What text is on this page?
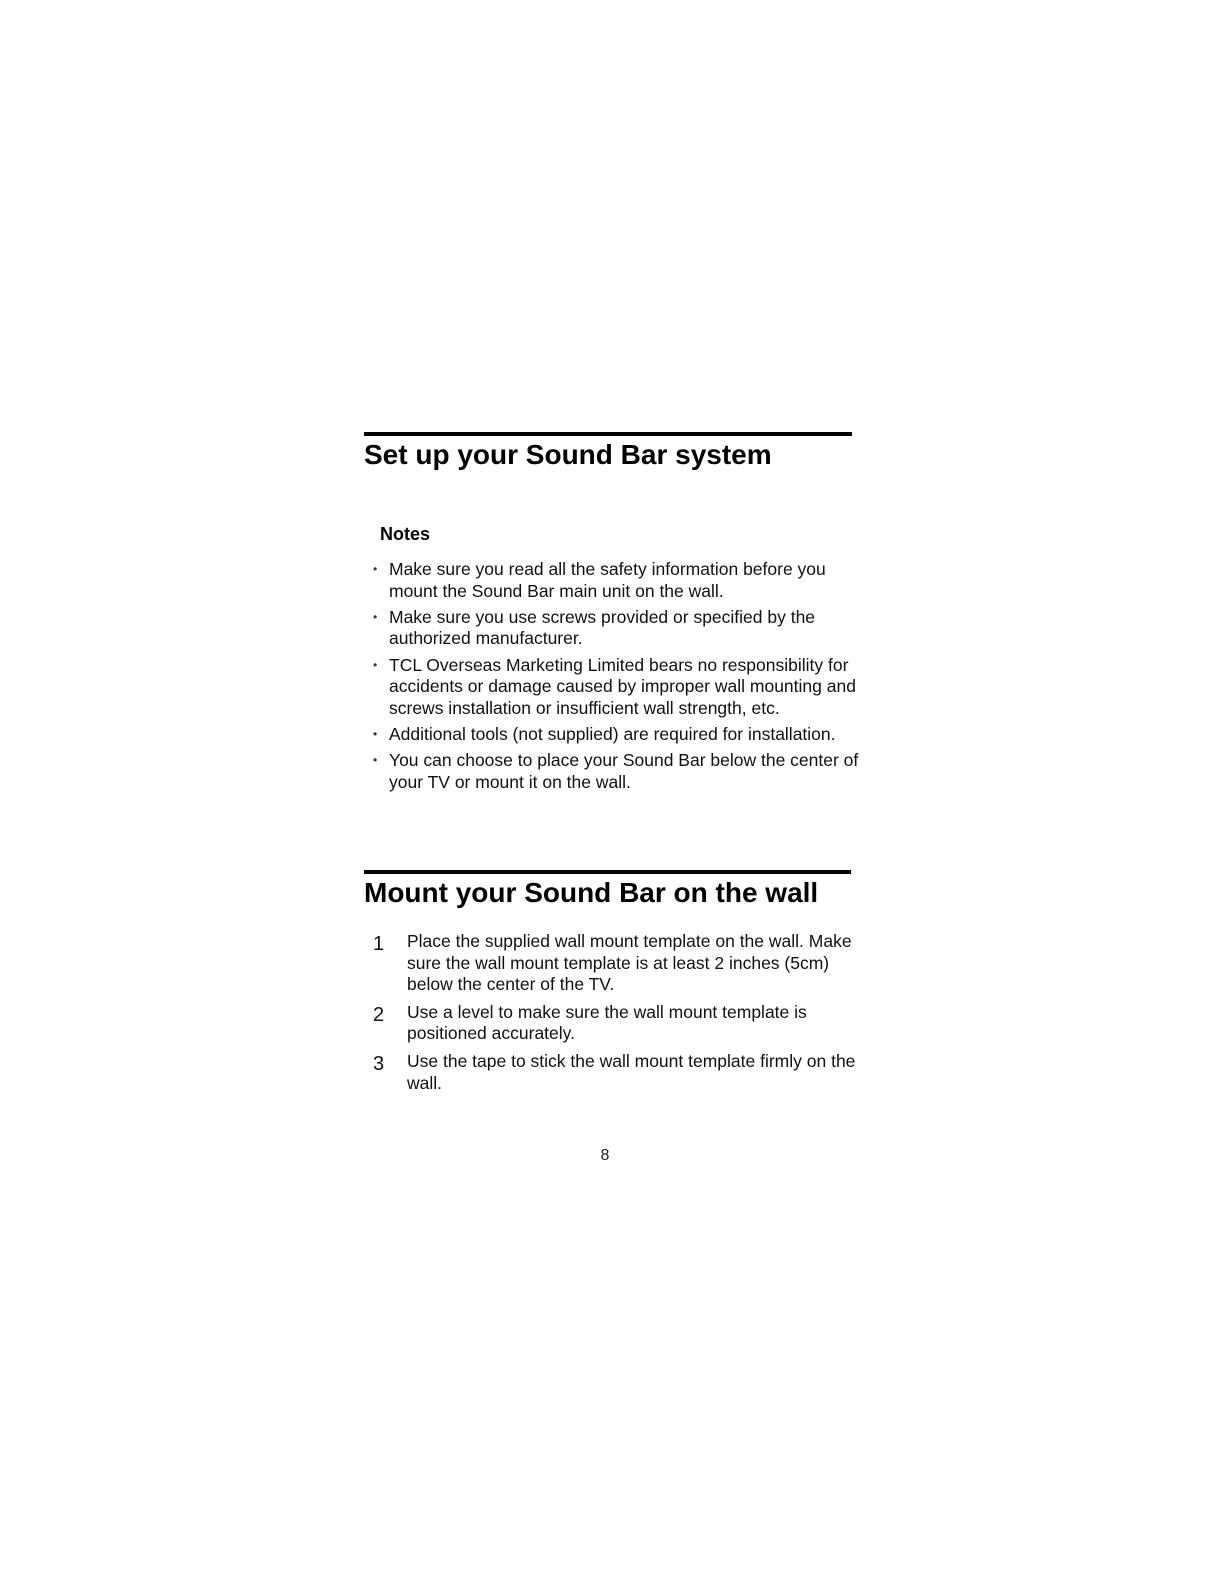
Set up your Sound Bar system
Notes
• Make sure you read all the safety information before you mount the Sound Bar main unit on the wall.
• Make sure you use screws provided or specified by the authorized manufacturer.
• TCL Overseas Marketing Limited bears no responsibility for accidents or damage caused by improper wall mounting and screws installation or insufficient wall strength, etc.
• Additional tools (not supplied) are required for installation.
• You can choose to place your Sound Bar below the center of your TV or mount it on the wall.
Mount your Sound Bar on the wall
1 Place the supplied wall mount template on the wall. Make sure the wall mount template is at least 2 inches (5cm) below the center of the TV.
2 Use a level to make sure the wall mount template is positioned accurately.
3 Use the tape to stick the wall mount template firmly on the wall.
8
